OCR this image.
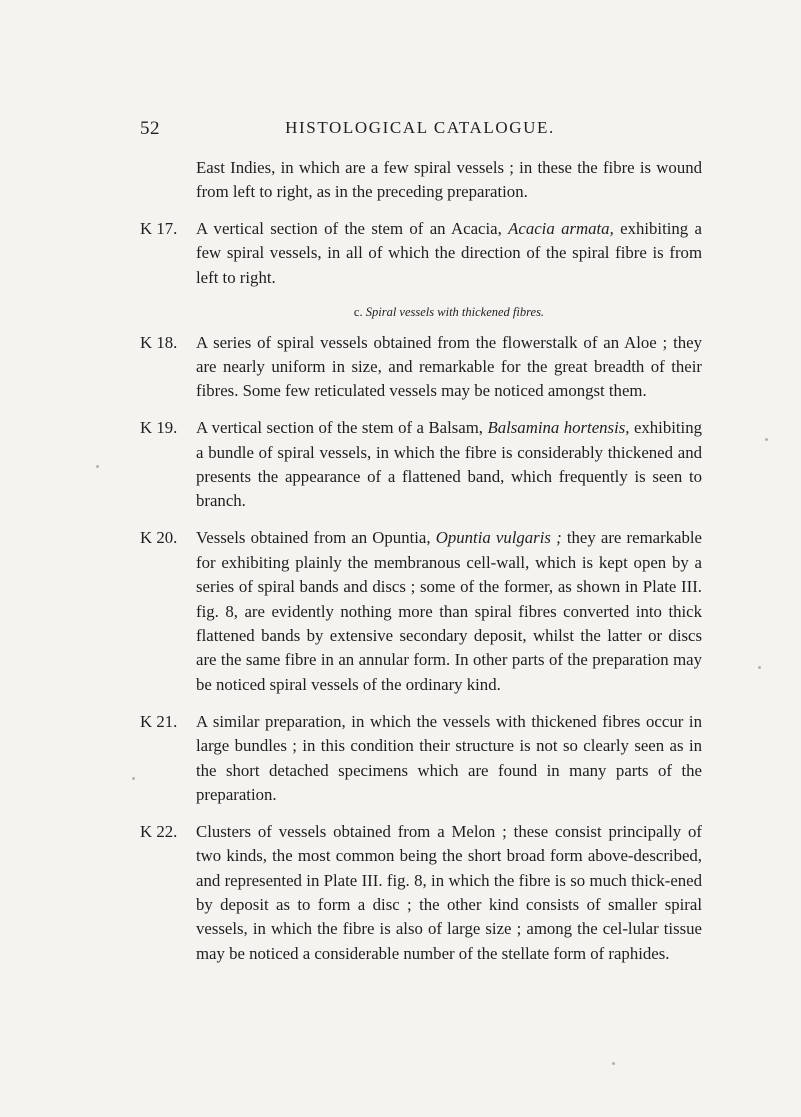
52	HISTOLOGICAL CATALOGUE.

East Indies, in which are a few spiral vessels ; in these the fibre is wound from left to right, as in the preceding preparation.

K 17.	A vertical section of the stem of an Acacia, Acacia armata, exhibiting a few spiral vessels, in all of which the direction of the spiral fibre is from left to right.
c. Spiral vessels with thickened fibres.
K 18.	A series of spiral vessels obtained from the flowerstalk of an Aloe ; they are nearly uniform in size, and remarkable for the great breadth of their fibres. Some few reticulated vessels may be noticed amongst them.
K 19.	A vertical section of the stem of a Balsam, Balsamina hortensis, exhibiting a bundle of spiral vessels, in which the fibre is considerably thickened and presents the appearance of a flattened band, which frequently is seen to branch.
K 20.	Vessels obtained from an Opuntia, Opuntia vulgaris ; they are remarkable for exhibiting plainly the membranous cell-wall, which is kept open by a series of spiral bands and discs ; some of the former, as shown in Plate III. fig. 8, are evidently nothing more than spiral fibres converted into thick flattened bands by extensive secondary deposit, whilst the latter or discs are the same fibre in an annular form. In other parts of the preparation may be noticed spiral vessels of the ordinary kind.
K 21.	A similar preparation, in which the vessels with thickened fibres occur in large bundles ; in this condition their structure is not so clearly seen as in the short detached specimens which are found in many parts of the preparation.
K 22.	Clusters of vessels obtained from a Melon ; these consist principally of two kinds, the most common being the short broad form above-described, and represented in Plate III. fig. 8, in which the fibre is so much thick-ened by deposit as to form a disc ; the other kind consists of smaller spiral vessels, in which the fibre is also of large size ; among the cel-lular tissue may be noticed a considerable number of the stellate form of raphides.
